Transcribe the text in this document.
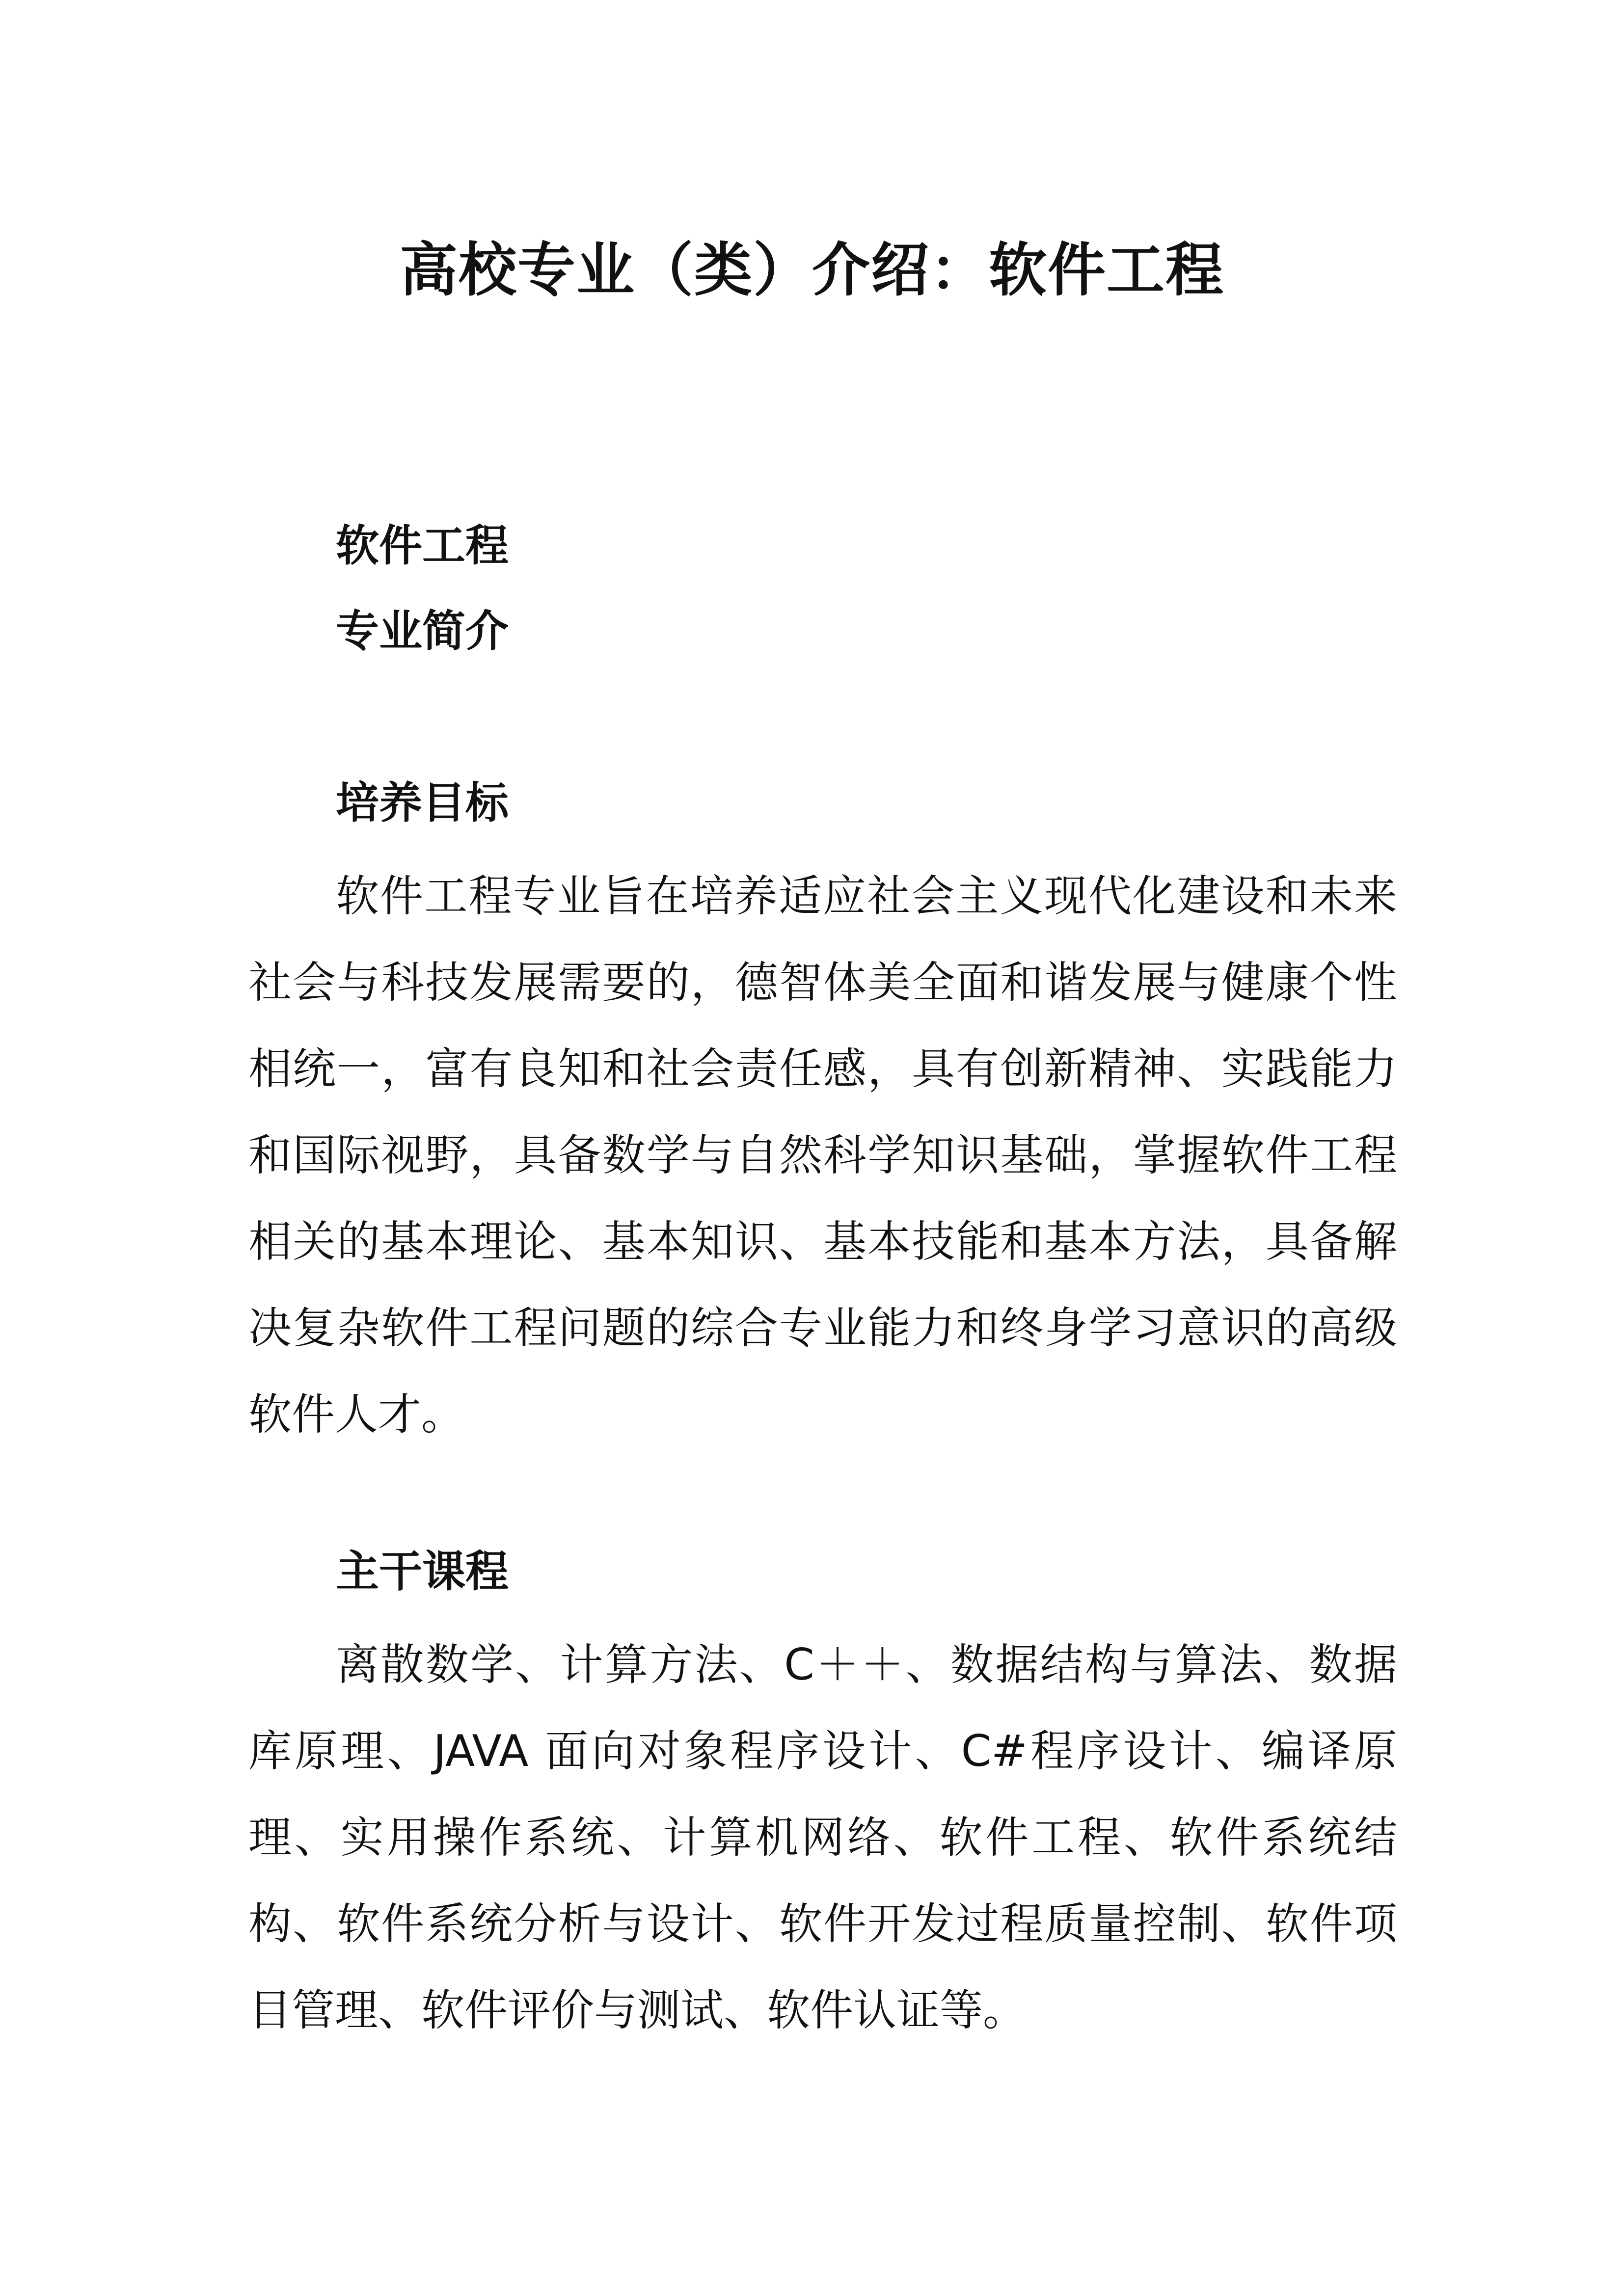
高校专业（类）介绍：软件工程
软件工程
专业简介
培养目标

软件工程专业旨在培养适应社会主义现代化建设和未来社会与科技发展需要的，德智体美全面和谐发展与健康个性相统一，富有良知和社会责任感，具有创新精神、实践能力和国际视野，具备数学与自然科学知识基础，掌握软件工程相关的基本理论、基本知识、基本技能和基本方法，具备解决复杂软件工程问题的综合专业能力和终身学习意识的高级软件人才。

主干课程

离散数学、计算方法、C＋＋、数据结构与算法、数据库原理、JAVA 面向对象程序设计、C#程序设计、编译原理、实用操作系统、计算机网络、软件工程、软件系统结构、软件系统分析与设计、软件开发过程质量控制、软件项目管理、软件评价与测试、软件认证等。
